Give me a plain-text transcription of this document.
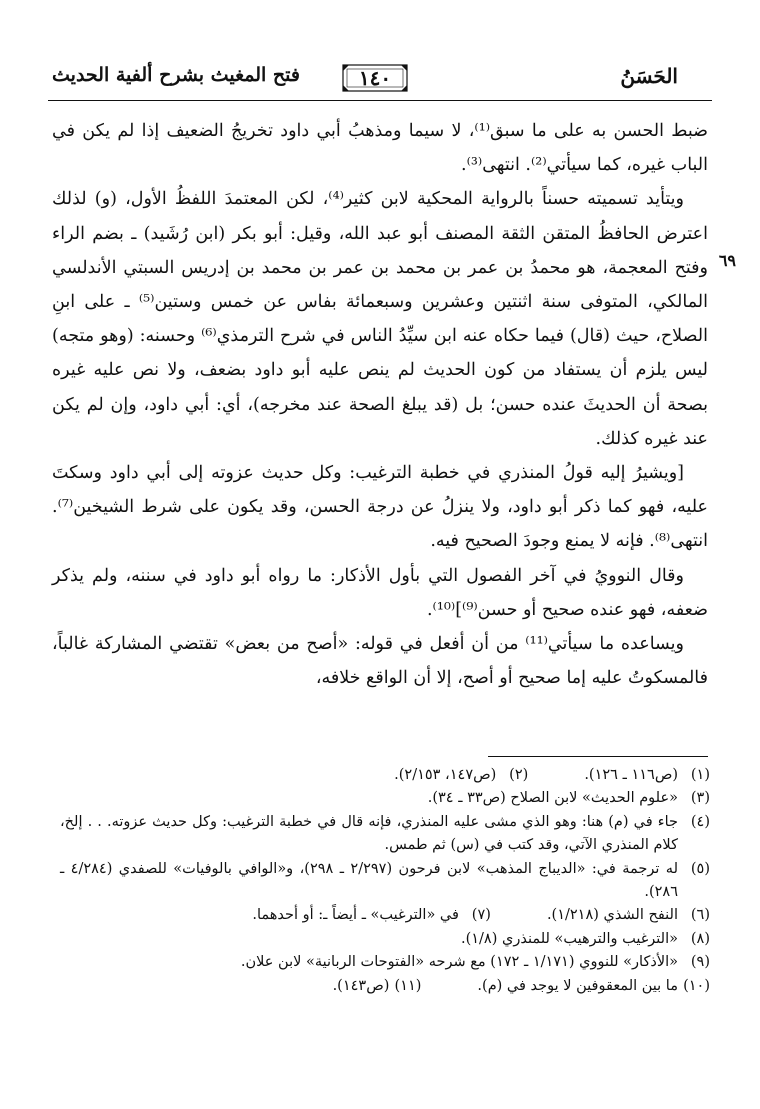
الحَسَنُ
١٤٠
فتح المغيث بشرح ألفية الحديث
٦٩

ضبط الحسن به على ما سبق⁽¹⁾، لا سيما ومذهبُ أبي داود تخريجُ الضعيف إذا لم يكن في الباب غيره، كما سيأتي⁽²⁾. انتهى⁽³⁾.

ويتأيد تسميته حسناً بالرواية المحكية لابن كثير⁽⁴⁾، لكن المعتمدَ اللفظُ الأول، (و) لذلك اعترض الحافظُ المتقن الثقة المصنف أبو عبد الله، وقيل: أبو بكر (ابن رُشَيد) ـ بضم الراء وفتح المعجمة، هو محمدُ بن عمر بن محمد بن عمر بن محمد بن إدريس السبتي الأندلسي المالكي، المتوفى سنة اثنتين وعشرين وسبعمائة بفاس عن خمس وستين⁽⁵⁾ ـ على ابنِ الصلاح، حيث (قال) فيما حكاه عنه ابن سيِّدُ الناس في شرح الترمذي⁽⁶⁾ وحسنه: (وهو متجه) ليس يلزم أن يستفاد من كون الحديث لم ينص عليه أبو داود بضعف، ولا نص عليه غيره بصحة أن الحديثَ عنده حسن؛ بل (قد يبلغ الصحة عند مخرجه)، أي: أبي داود، وإن لم يكن عند غيره كذلك.

[ويشيرُ إليه قولُ المنذري في خطبة الترغيب: وكل حديث عزوته إلى أبي داود وسكتَ عليه، فهو كما ذكر أبو داود، ولا ينزلُ عن درجة الحسن، وقد يكون على شرط الشيخين⁽⁷⁾. انتهى⁽⁸⁾. فإنه لا يمنع وجودَ الصحيح فيه.

وقال النوويُ في آخر الفصول التي بأول الأذكار: ما رواه أبو داود في سننه، ولم يذكر ضعفه، فهو عنده صحيح أو حسن⁽⁹⁾]⁽¹⁰⁾.

ويساعده ما سيأتي⁽¹¹⁾ من أن أفعل في قوله: «أصح من بعض» تقتضي المشاركة غالباً، فالمسكوتُ عليه إما صحيح أو أصح، إلا أن الواقع خلافه،

(١)
(ص١١٦ ـ ١٢٦).
(٢)
(ص١٤٧، ٢/١٥٣).
(٣)
«علوم الحديث» لابن الصلاح (ص٣٣ ـ ٣٤).
(٤)
جاء في (م) هنا: وهو الذي مشى عليه المنذري، فإنه قال في خطبة الترغيب: وكل حديث عزوته. . . إلخ، كلام المنذري الآتي، وقد كتب في (س) ثم طمس.
(٥)
له ترجمة في: «الديباج المذهب» لابن فرحون (٢/٢٩٧ ـ ٢٩٨)، و«الوافي بالوفيات» للصفدي (٤/٢٨٤ ـ ٢٨٦).
(٦)
النفح الشذي (١/٢١٨).
(٧)
في «الترغيب» ـ أيضاً ـ: أو أحدهما.
(٨)
«الترغيب والترهيب» للمنذري (١/٨).
(٩)
«الأذكار» للنووي (١/١٧١ ـ ١٧٢) مع شرحه «الفتوحات الربانية» لابن علان.
(١٠)
ما بين المعقوفين لا يوجد في (م).
(١١)
(ص١٤٣).
